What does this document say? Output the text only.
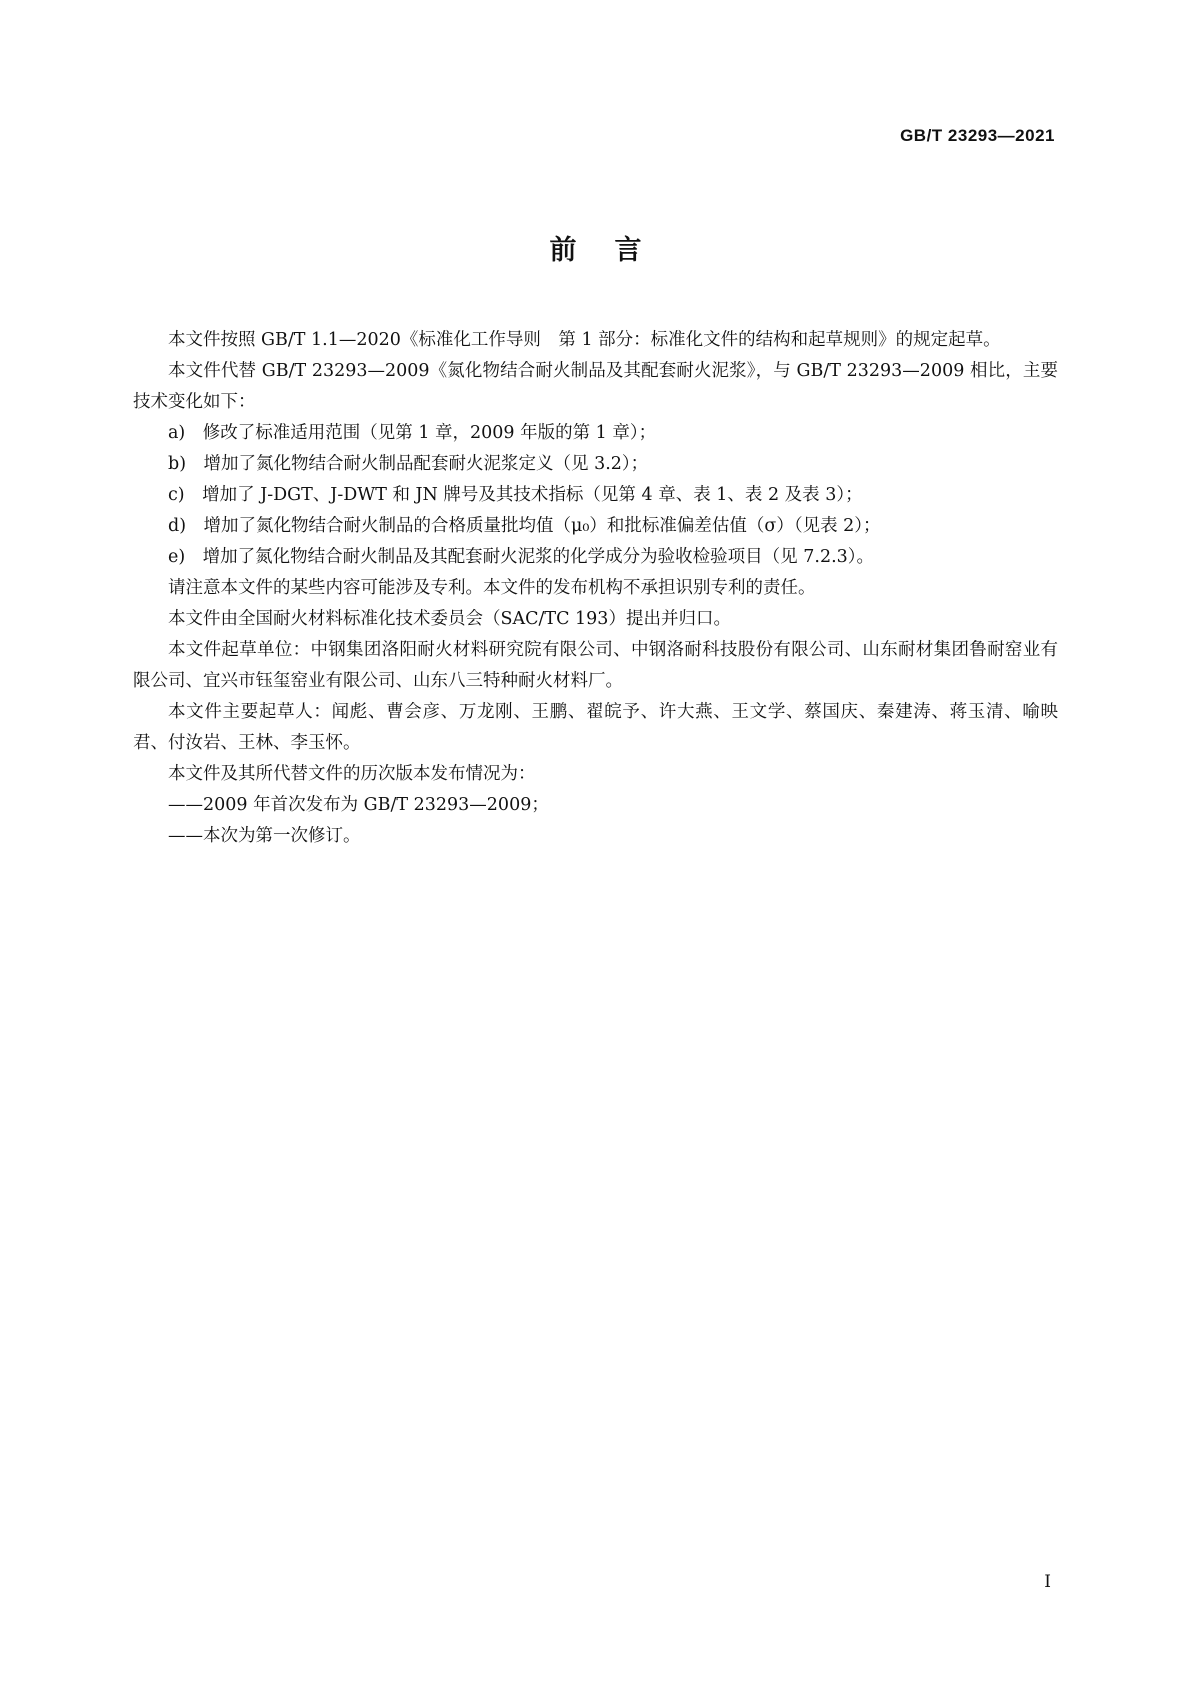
GB/T 23293—2021
前言

本文件按照 GB/T 1.1—2020《标准化工作导则　第 1 部分：标准化文件的结构和起草规则》的规定起草。

本文件代替 GB/T 23293—2009《氮化物结合耐火制品及其配套耐火泥浆》，与 GB/T 23293—2009 相比，主要技术变化如下：

a)　修改了标准适用范围（见第 1 章，2009 年版的第 1 章）；

b)　增加了氮化物结合耐火制品配套耐火泥浆定义（见 3.2）；

c)　增加了 J-DGT、J-DWT 和 JN 牌号及其技术指标（见第 4 章、表 1、表 2 及表 3）；

d)　增加了氮化物结合耐火制品的合格质量批均值（μ₀）和批标准偏差估值（σ）（见表 2）；

e)　增加了氮化物结合耐火制品及其配套耐火泥浆的化学成分为验收检验项目（见 7.2.3）。

请注意本文件的某些内容可能涉及专利。本文件的发布机构不承担识别专利的责任。

本文件由全国耐火材料标准化技术委员会（SAC/TC 193）提出并归口。

本文件起草单位：中钢集团洛阳耐火材料研究院有限公司、中钢洛耐科技股份有限公司、山东耐材集团鲁耐窑业有限公司、宜兴市钰玺窑业有限公司、山东八三特种耐火材料厂。

本文件主要起草人：闻彪、曹会彦、万龙刚、王鹏、翟皖予、许大燕、王文学、蔡国庆、秦建涛、蒋玉清、喻映君、付汝岩、王林、李玉怀。

本文件及其所代替文件的历次版本发布情况为：

——2009 年首次发布为 GB/T 23293—2009；

——本次为第一次修订。

I
